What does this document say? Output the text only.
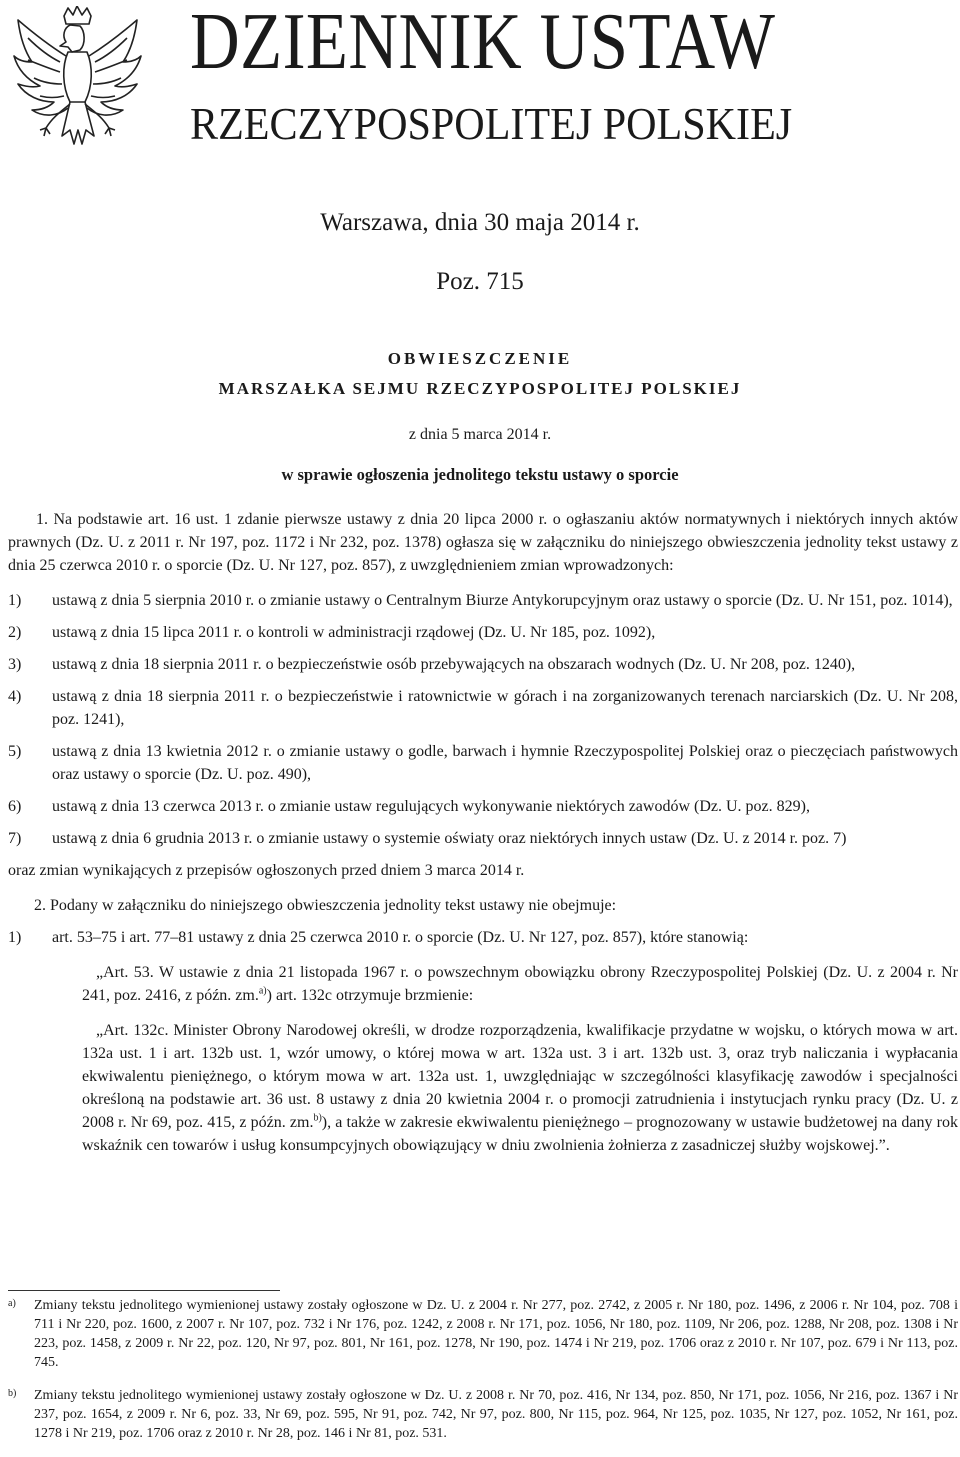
DZIENNIK USTAW
RZECZYPOSPOLITEJ POLSKIEJ
Warszawa, dnia 30 maja 2014 r.
Poz. 715
OBWIESZCZENIE
MARSZAŁKA SEJMU RZECZYPOSPOLITEJ POLSKIEJ
z dnia 5 marca 2014 r.
w sprawie ogłoszenia jednolitego tekstu ustawy o sporcie

1. Na podstawie art. 16 ust. 1 zdanie pierwsze ustawy z dnia 20 lipca 2000 r. o ogłaszaniu aktów normatywnych i niektórych innych aktów prawnych (Dz. U. z 2011 r. Nr 197, poz. 1172 i Nr 232, poz. 1378) ogłasza się w załączniku do niniejszego obwieszczenia jednolity tekst ustawy z dnia 25 czerwca 2010 r. o sporcie (Dz. U. Nr 127, poz. 857), z uwzględnieniem zmian wprowadzonych:

1) ustawą z dnia 5 sierpnia 2010 r. o zmianie ustawy o Centralnym Biurze Antykorupcyjnym oraz ustawy o sporcie (Dz. U. Nr 151, poz. 1014),

2) ustawą z dnia 15 lipca 2011 r. o kontroli w administracji rządowej (Dz. U. Nr 185, poz. 1092),

3) ustawą z dnia 18 sierpnia 2011 r. o bezpieczeństwie osób przebywających na obszarach wodnych (Dz. U. Nr 208, poz. 1240),

4) ustawą z dnia 18 sierpnia 2011 r. o bezpieczeństwie i ratownictwie w górach i na zorganizowanych terenach narciarskich (Dz. U. Nr 208, poz. 1241),

5) ustawą z dnia 13 kwietnia 2012 r. o zmianie ustawy o godle, barwach i hymnie Rzeczypospolitej Polskiej oraz o pieczęciach państwowych oraz ustawy o sporcie (Dz. U. poz. 490),

6) ustawą z dnia 13 czerwca 2013 r. o zmianie ustaw regulujących wykonywanie niektórych zawodów (Dz. U. poz. 829),

7) ustawą z dnia 6 grudnia 2013 r. o zmianie ustawy o systemie oświaty oraz niektórych innych ustaw (Dz. U. z 2014 r. poz. 7)

oraz zmian wynikających z przepisów ogłoszonych przed dniem 3 marca 2014 r.

2. Podany w załączniku do niniejszego obwieszczenia jednolity tekst ustawy nie obejmuje:

1) art. 53–75 i art. 77–81 ustawy z dnia 25 czerwca 2010 r. o sporcie (Dz. U. Nr 127, poz. 857), które stanowią:

„Art. 53. W ustawie z dnia 21 listopada 1967 r. o powszechnym obowiązku obrony Rzeczypospolitej Polskiej (Dz. U. z 2004 r. Nr 241, poz. 2416, z późn. zm.$^{a)}$) art. 132c otrzymuje brzmienie:

„Art. 132c. Minister Obrony Narodowej określi, w drodze rozporządzenia, kwalifikacje przydatne w wojsku, o których mowa w art. 132a ust. 1 i art. 132b ust. 1, wzór umowy, o której mowa w art. 132a ust. 3 i art. 132b ust. 3, oraz tryb naliczania i wypłacania ekwiwalentu pieniężnego, o którym mowa w art. 132a ust. 1, uwzględniając w szczególności klasyfikację zawodów i specjalności określoną na podstawie art. 36 ust. 8 ustawy z dnia 20 kwietnia 2004 r. o promocji zatrudnienia i instytucjach rynku pracy (Dz. U. z 2008 r. Nr 69, poz. 415, z późn. zm.$^{b)}$), a także w zakresie ekwiwalentu pieniężnego – prognozowany w ustawie budżetowej na dany rok wskaźnik cen towarów i usług konsumpcyjnych obowiązujący w dniu zwolnienia żołnierza z zasadniczej służby wojskowej.”.

a) Zmiany tekstu jednolitego wymienionej ustawy zostały ogłoszone w Dz. U. z 2004 r. Nr 277, poz. 2742, z 2005 r. Nr 180, poz. 1496, z 2006 r. Nr 104, poz. 708 i 711 i Nr 220, poz. 1600, z 2007 r. Nr 107, poz. 732 i Nr 176, poz. 1242, z 2008 r. Nr 171, poz. 1056, Nr 180, poz. 1109, Nr 206, poz. 1288, Nr 208, poz. 1308 i Nr 223, poz. 1458, z 2009 r. Nr 22, poz. 120, Nr 97, poz. 801, Nr 161, poz. 1278, Nr 190, poz. 1474 i Nr 219, poz. 1706 oraz z 2010 r. Nr 107, poz. 679 i Nr 113, poz. 745.

b) Zmiany tekstu jednolitego wymienionej ustawy zostały ogłoszone w Dz. U. z 2008 r. Nr 70, poz. 416, Nr 134, poz. 850, Nr 171, poz. 1056, Nr 216, poz. 1367 i Nr 237, poz. 1654, z 2009 r. Nr 6, poz. 33, Nr 69, poz. 595, Nr 91, poz. 742, Nr 97, poz. 800, Nr 115, poz. 964, Nr 125, poz. 1035, Nr 127, poz. 1052, Nr 161, poz. 1278 i Nr 219, poz. 1706 oraz z 2010 r. Nr 28, poz. 146 i Nr 81, poz. 531.
